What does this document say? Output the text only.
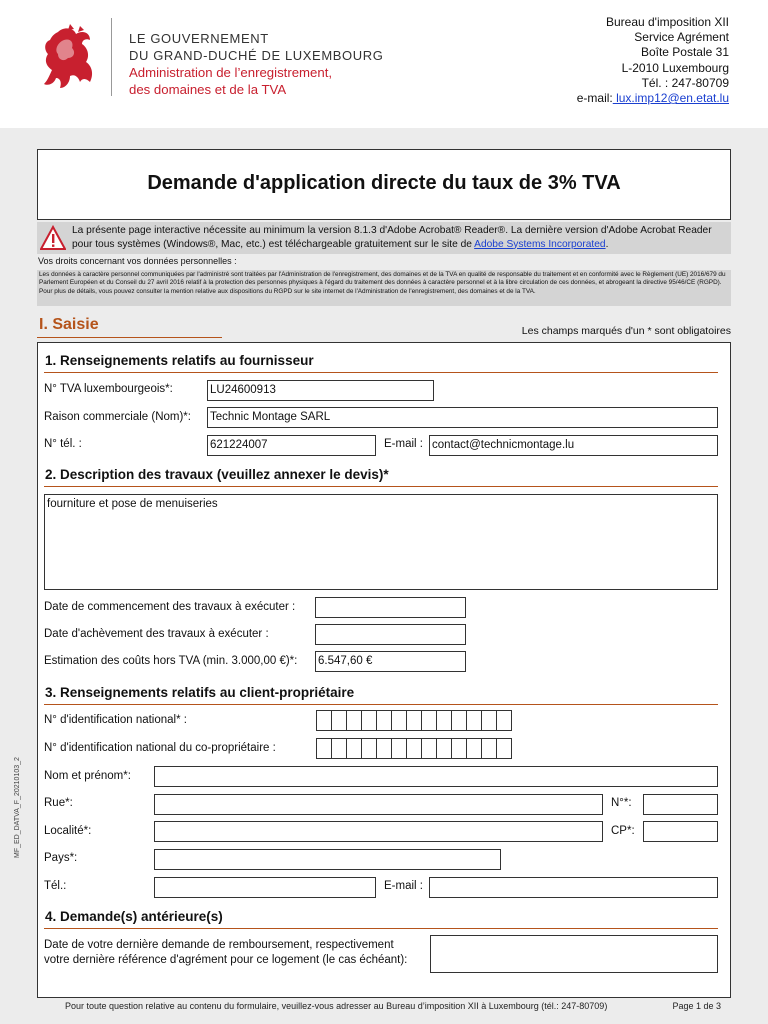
LE GOUVERNEMENT
DU GRAND-DUCHÉ DE LUXEMBOURG
Administration de l’enregistrement,
des domaines et de la TVA
Bureau d'imposition XII
Service Agrément
Boîte Postale 31
L-2010 Luxembourg
Tél. : 247-80709
e-mail: lux.imp12@en.etat.lu
Demande d'application directe du taux de 3% TVA
La présente page interactive nécessite au minimum la version 8.1.3 d'Adobe Acrobat® Reader®. La dernière version d'Adobe Acrobat Reader pour tous systèmes (Windows®, Mac, etc.) est téléchargeable gratuitement sur le site de Adobe Systems Incorporated.
Vos droits concernant vos données personnelles :
Les données à caractère personnel communiquées par l'administré sont traitées par l'Administration de l'enregistrement, des domaines et de la TVA en qualité de responsable du traitement et en conformité avec le Règlement (UE) 2016/679 du Parlement Européen et du Conseil du 27 avril 2016 relatif à la protection des personnes physiques à l'égard du traitement des données à caractère personnel et à la libre circulation de ces données, et abrogeant la directive 95/46/CE (RGPD). Pour plus de détails, vous pouvez consulter la mention relative aux dispositions du RGPD sur le site internet de l'Administration de l'enregistrement, des domaines et de la TVA.
I. Saisie	Les champs marqués d'un * sont obligatoires
1. Renseignements relatifs au fournisseur
N° TVA luxembourgeois*:	LU24600913
Raison commerciale (Nom)*: Technic Montage SARL
N° tél. :	621224007	E-mail : contact@technicmontage.lu
2. Description des travaux (veuillez annexer le devis)*
fourniture et pose de menuiseries
Date de commencement des travaux à exécuter :
Date d'achèvement des travaux à exécuter :
Estimation des coûts hors TVA (min. 3.000,00 €)*: 6.547,60 €
3. Renseignements relatifs au client-propriétaire
N° d'identification national* :
N° d'identification national du co-propriétaire :
Nom et prénom*:
Rue*:	N°*:
Localité*:	CP*:
Pays*:
Tél.:	E-mail :
4. Demande(s) antérieure(s)
Date de votre dernière demande de remboursement, respectivement
votre dernière référence d'agrément pour ce logement (le cas échéant):
MF_ED_DATVA_F_20210103_2
Pour toute question relative au contenu du formulaire, veuillez-vous adresser au Bureau d’imposition XII à Luxembourg (tél.: 247-80709)	Page 1 de 3
